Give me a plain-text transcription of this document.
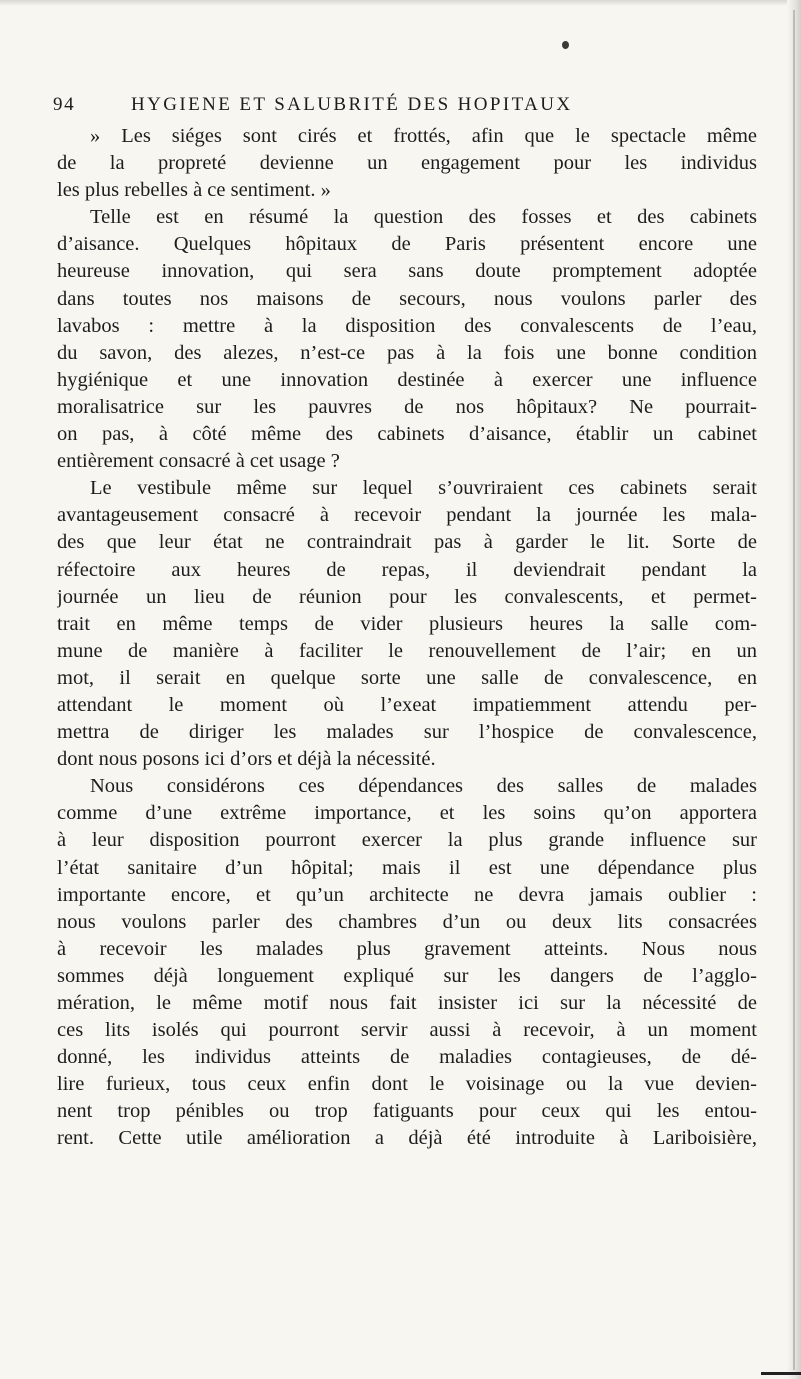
94	HYGIENE ET SALUBRITÉ DES HOPITAUX
» Les siéges sont cirés et frottés, afin que le spectacle même
de la propreté devienne un engagement pour les individus
les plus rebelles à ce sentiment. »
Telle est en résumé la question des fosses et des cabinets
d’aisance. Quelques hôpitaux de Paris présentent encore une
heureuse innovation, qui sera sans doute promptement adoptée
dans toutes nos maisons de secours, nous voulons parler des
lavabos : mettre à la disposition des convalescents de l’eau,
du savon, des alezes, n’est-ce pas à la fois une bonne condition
hygiénique et une innovation destinée à exercer une influence
moralisatrice sur les pauvres de nos hôpitaux? Ne pourrait-
on pas, à côté même des cabinets d’aisance, établir un cabinet
entièrement consacré à cet usage ?
Le vestibule même sur lequel s’ouvriraient ces cabinets serait
avantageusement consacré à recevoir pendant la journée les mala-
des que leur état ne contraindrait pas à garder le lit. Sorte de
réfectoire aux heures de repas, il deviendrait pendant la
journée un lieu de réunion pour les convalescents, et permet-
trait en même temps de vider plusieurs heures la salle com-
mune de manière à faciliter le renouvellement de l’air; en un
mot, il serait en quelque sorte une salle de convalescence, en
attendant le moment où l’exeat impatiemment attendu per-
mettra de diriger les malades sur l’hospice de convalescence,
dont nous posons ici d’ors et déjà la nécessité.
Nous considérons ces dépendances des salles de malades
comme d’une extrême importance, et les soins qu’on apportera
à leur disposition pourront exercer la plus grande influence sur
l’état sanitaire d’un hôpital; mais il est une dépendance plus
importante encore, et qu’un architecte ne devra jamais oublier :
nous voulons parler des chambres d’un ou deux lits consacrées
à recevoir les malades plus gravement atteints. Nous nous
sommes déjà longuement expliqué sur les dangers de l’agglo-
mération, le même motif nous fait insister ici sur la nécessité de
ces lits isolés qui pourront servir aussi à recevoir, à un moment
donné, les individus atteints de maladies contagieuses, de dé-
lire furieux, tous ceux enfin dont le voisinage ou la vue devien-
nent trop pénibles ou trop fatiguants pour ceux qui les entou-
rent. Cette utile amélioration a déjà été introduite à Lariboisière,
